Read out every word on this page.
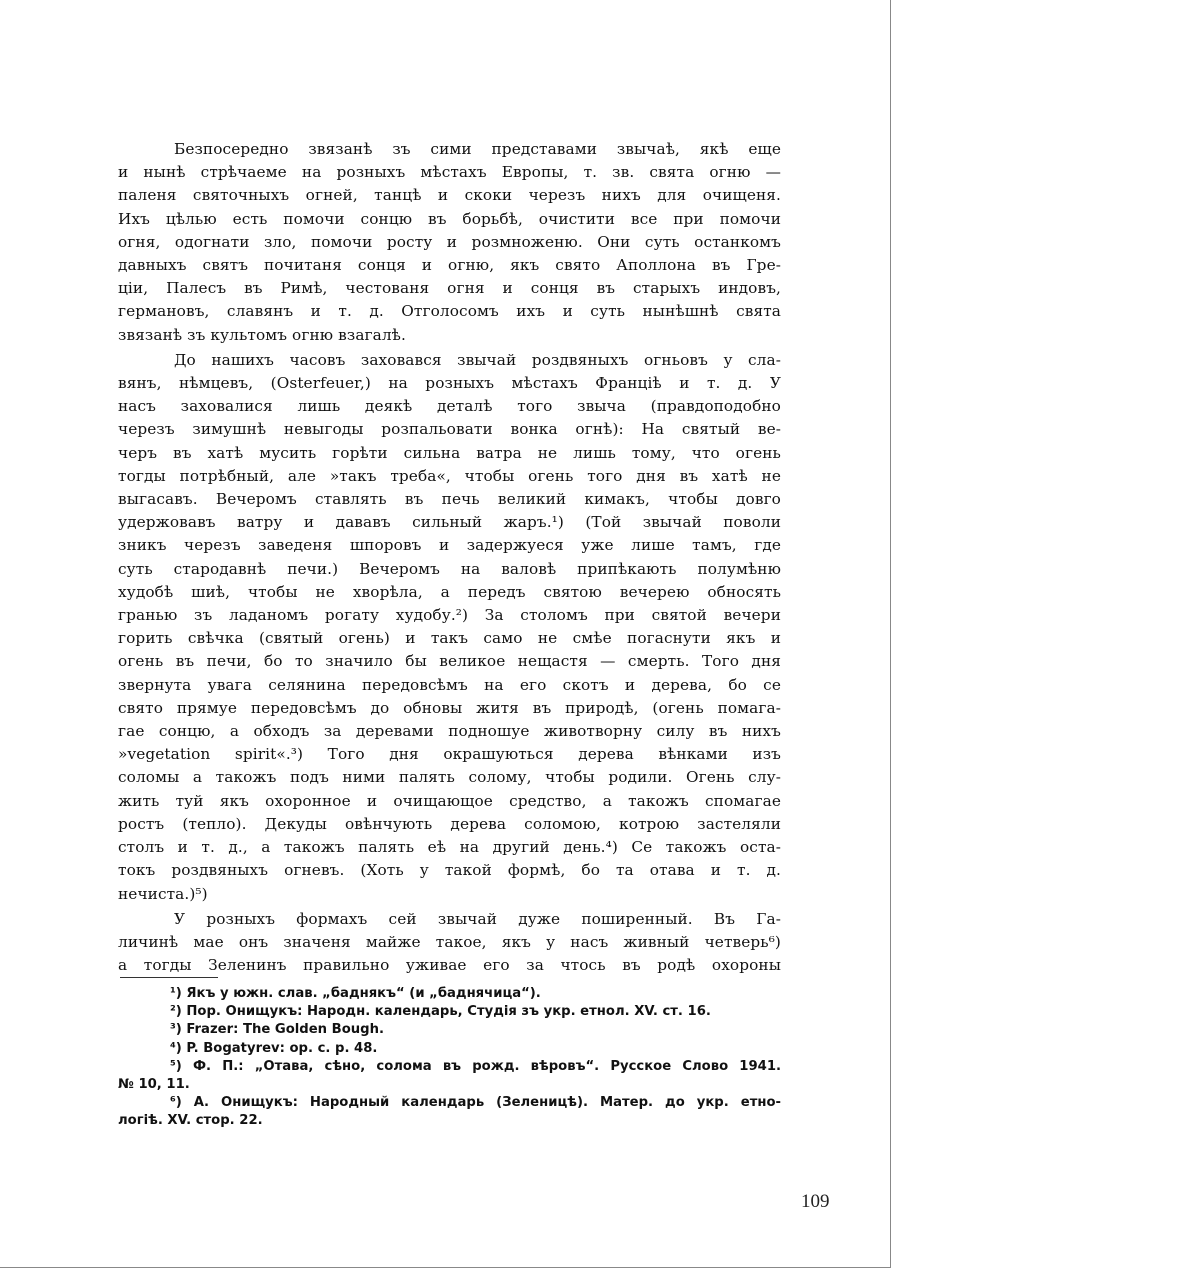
Безпосередно звязанѣ зъ сими представами звычаѣ, якѣ еще
и нынѣ стрѣчаеме на розныхъ мѣстахъ Европы, т. зв. свята огню —
паленя святочныхъ огней, танцѣ и скоки черезъ нихъ для очищеня.
Ихъ цѣлью есть помочи сонцю въ борьбѣ, очистити все при помочи
огня, одогнати зло, помочи росту и розмноженю. Они суть останкомъ
давныхъ святъ почитаня сонця и огню, якъ свято Аполлона въ Гре-
ціи, Палесъ въ Римѣ, честованя огня и сонця въ старыхъ индовъ,
германовъ, славянъ и т. д. Отголосомъ ихъ и суть нынѣшнѣ свята
звязанѣ зъ культомъ огню взагалѣ.

До нашихъ часовъ заховався звычай роздвяныхъ огньовъ у сла-
вянъ, нѣмцевъ, (Osterfeuer,) на розныхъ мѣстахъ Францiѣ и т. д. У
насъ заховалися лишь деякѣ деталѣ того звыча (правдоподобно
черезъ зимушнѣ невыгоды розпальовати вонка огнѣ): На святый ве-
черъ въ хатѣ мусить горѣти сильна ватра не лишь тому, что огень
тогды потрѣбный, але »такъ треба«, чтобы огень того дня въ хатѣ не
выгасавъ. Вечеромъ ставлять въ печь великий кимакъ, чтобы довго
удержовавъ ватру и дававъ сильный жаръ.¹) (Той звычай поволи
зникъ черезъ заведеня шпоровъ и задержуеся уже лише тамъ, где
суть стародавнѣ печи.) Вечеромъ на валовѣ припѣкають полумѣню
худобѣ шиѣ, чтобы не хворѣла, а передъ святою вечерею обносять
гранью зъ ладаномъ рогату худобу.²) За столомъ при святой вечери
горить свѣчка (святый огень) и такъ само не смѣе погаснути якъ и
огень въ печи, бо то значило бы великое нещастя — смерть. Того дня
звернута увага селянина передовсѣмъ на его скотъ и дерева, бо се
свято прямуе передовсѣмъ до обновы житя въ природѣ, (огень помага-
гае сонцю, а обходъ за деревами подношуе животворну силу въ нихъ
»vegetation spirit«.³) Того дня окрашуються дерева вѣнками изъ
соломы а такожъ подъ ними палять солому, чтобы родили. Огень слу-
жить туй якъ охоронное и очищающое средство, а такожъ спомагае
ростъ (тепло). Декуды овѣнчують дерева соломою, котрою застеляли
столъ и т. д., а такожъ палять еѣ на другий день.⁴) Се такожъ оста-
токъ роздвяныхъ огневъ. (Хоть у такой формѣ, бо та отава и т. д.
нечиста.)⁵)

У розныхъ формахъ сей звычай дуже поширенный. Въ Га-
личинѣ мае онъ значеня майже такое, якъ у насъ живный четверь⁶)
а тогды Зеленинъ правильно уживае его за чтось въ родѣ охороны

¹) Якъ у южн. слав. „баднякъ“ (и „баднячица“).
²) Пор. Онищукъ: Народн. календарь, Студія зъ укр. етнол. XV. ст. 16.
³) Frazer: The Golden Bough.
⁴) P. Bogatyrev: op. c. p. 48.
⁵) Ф. П.: „Отава, сѣно, солома въ рожд. вѣровъ“. Русское Слово 1941.
№ 10, 11.
⁶) А. Онищукъ: Народный календарь (Зеленицѣ). Матер. до укр. етно-
логiѣ. XV. стор. 22.
109
